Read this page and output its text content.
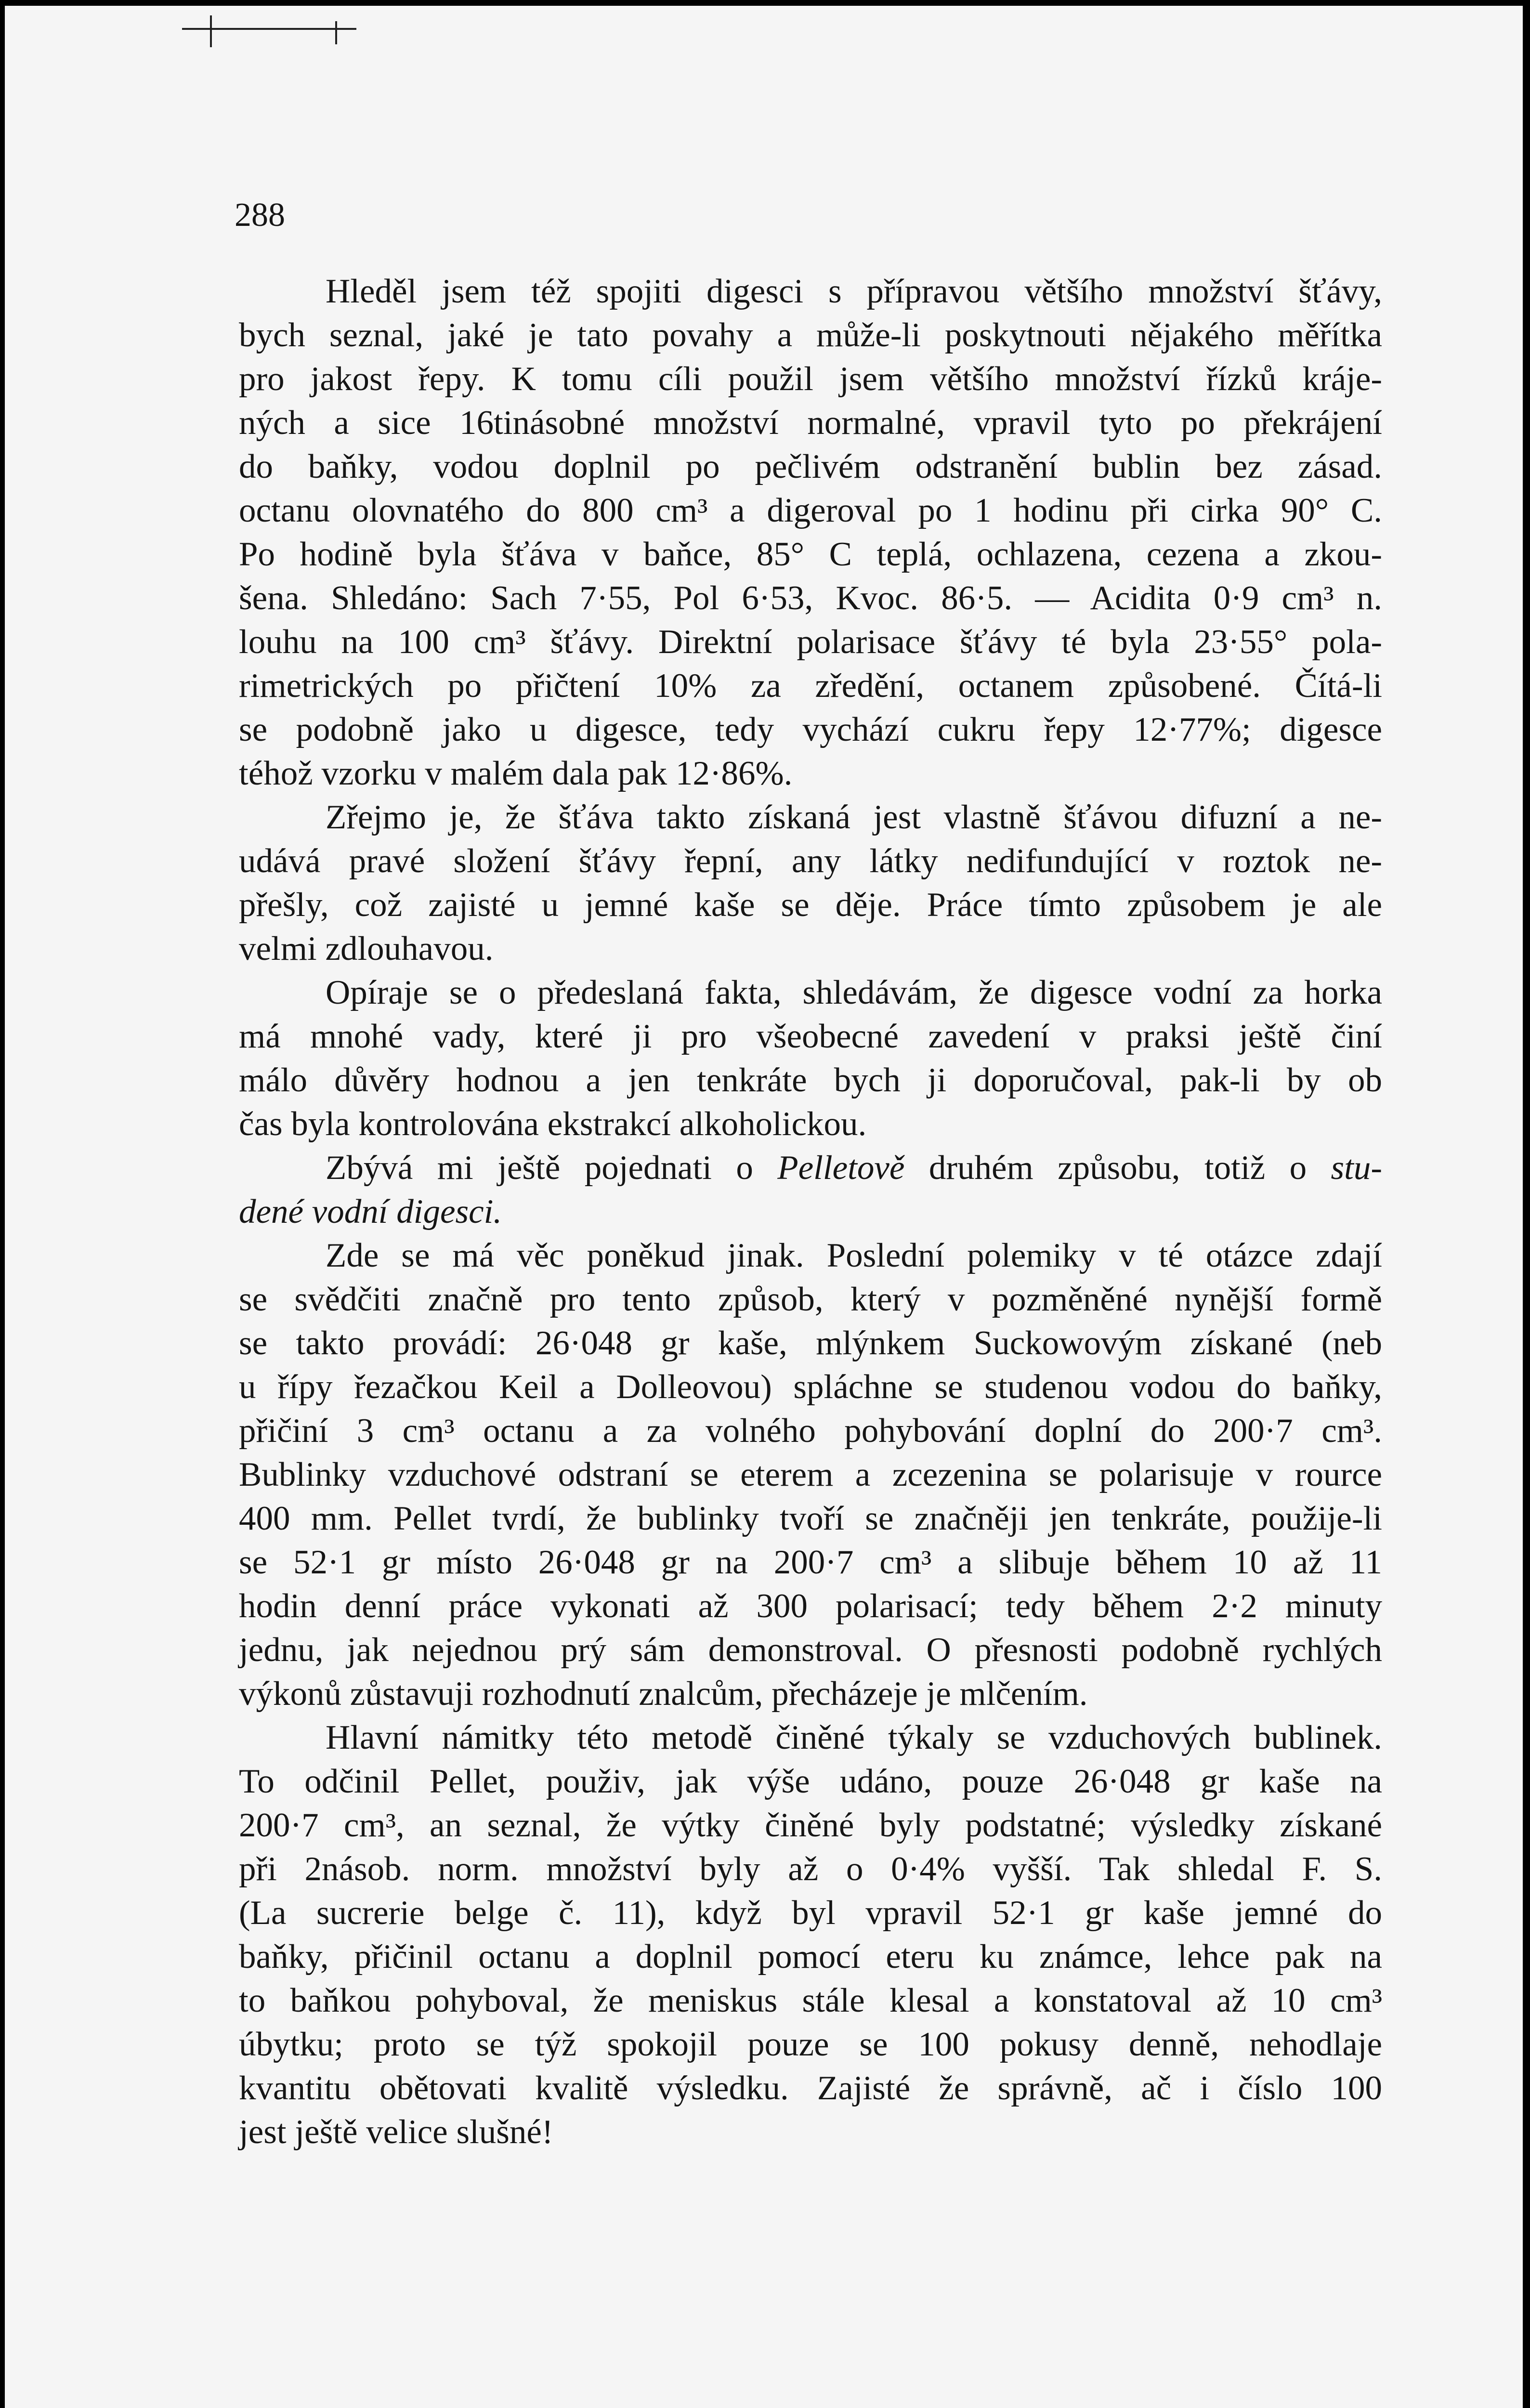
288
Hleděl jsem též spojiti digesci s přípravou většího množství šťávy,
bych seznal, jaké je tato povahy a může-li poskytnouti nějakého měřítka
pro jakost řepy. K tomu cíli použil jsem většího množství řízků kráje-
ných a sice 16tinásobné množství normalné, vpravil tyto po překrájení
do baňky, vodou doplnil po pečlivém odstranění bublin bez zásad.
octanu olovnatého do 800 cm³ a digeroval po 1 hodinu při cirka 90° C.
Po hodině byla šťáva v baňce, 85° C teplá, ochlazena, cezena a zkou-
šena. Shledáno: Sach 7·55, Pol 6·53, Kvoc. 86·5. — Acidita 0·9 cm³ n.
louhu na 100 cm³ šťávy. Direktní polarisace šťávy té byla 23·55° pola-
rimetrických po přičtení 10% za zředění, octanem způsobené. Čítá-li
se podobně jako u digesce, tedy vychází cukru řepy 12·77%; digesce
téhož vzorku v malém dala pak 12·86%.
Zřejmo je, že šťáva takto získaná jest vlastně šťávou difuzní a ne-
udává pravé složení šťávy řepní, any látky nedifundující v roztok ne-
přešly, což zajisté u jemné kaše se děje. Práce tímto způsobem je ale
velmi zdlouhavou.
Opíraje se o předeslaná fakta, shledávám, že digesce vodní za horka
má mnohé vady, které ji pro všeobecné zavedení v praksi ještě činí
málo důvěry hodnou a jen tenkráte bych ji doporučoval, pak-li by ob
čas byla kontrolována ekstrakcí alkoholickou.
Zbývá mi ještě pojednati o Pelletově druhém způsobu, totiž o stu-
dené vodní digesci.
Zde se má věc poněkud jinak. Poslední polemiky v té otázce zdají
se svědčiti značně pro tento způsob, který v pozměněné nynější formě
se takto provádí: 26·048 gr kaše, mlýnkem Suckowovým získané (neb
u řípy řezačkou Keil a Dolleovou) spláchne se studenou vodou do baňky,
přičiní 3 cm³ octanu a za volného pohybování doplní do 200·7 cm³.
Bublinky vzduchové odstraní se eterem a zcezenina se polarisuje v rource
400 mm. Pellet tvrdí, že bublinky tvoří se značněji jen tenkráte, použije-li
se 52·1 gr místo 26·048 gr na 200·7 cm³ a slibuje během 10 až 11
hodin denní práce vykonati až 300 polarisací; tedy během 2·2 minuty
jednu, jak nejednou prý sám demonstroval. O přesnosti podobně rychlých
výkonů zůstavuji rozhodnutí znalcům, přecházeje je mlčením.
Hlavní námitky této metodě činěné týkaly se vzduchových bublinek.
To odčinil Pellet, použiv, jak výše udáno, pouze 26·048 gr kaše na
200·7 cm³, an seznal, že výtky činěné byly podstatné; výsledky získané
při 2násob. norm. množství byly až o 0·4% vyšší. Tak shledal F. S.
(La sucrerie belge č. 11), když byl vpravil 52·1 gr kaše jemné do
baňky, přičinil octanu a doplnil pomocí eteru ku známce, lehce pak na
to baňkou pohyboval, že meniskus stále klesal a konstatoval až 10 cm³
úbytku; proto se týž spokojil pouze se 100 pokusy denně, nehodlaje
kvantitu obětovati kvalitě výsledku. Zajisté že správně, ač i číslo 100
jest ještě velice slušné!
